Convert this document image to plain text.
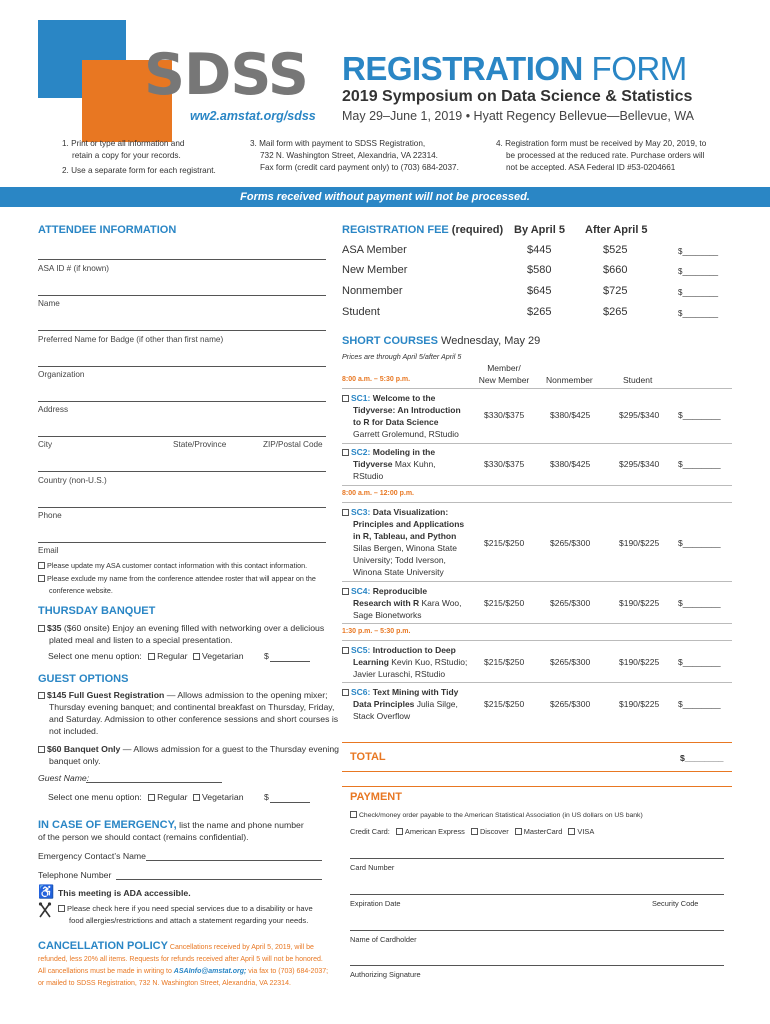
SDSS
ww2.amstat.org/sdss
REGISTRATION FORM
2019 Symposium on Data Science & Statistics
May 29–June 1, 2019 • Hyatt Regency Bellevue—Bellevue, WA
1. Print or type all information and
retain a copy for your records.
2. Use a separate form for each registrant.
3. Mail form with payment to SDSS Registration,
732 N. Washington Street, Alexandria, VA 22314.
Fax form (credit card payment only) to (703) 684-2037.
4. Registration form must be received by May 20, 2019, to
be processed at the reduced rate. Purchase orders will
not be accepted. ASA Federal ID #53-0204661
Forms received without payment will not be processed.
ATTENDEE INFORMATION
ASA ID # (if known)
Name
Preferred Name for Badge (if other than first name)
Organization
Address
City	State/Province	ZIP/Postal Code
Country (non-U.S.)
Phone
Email
Please update my ASA customer contact information with this contact information.
Please exclude my name from the conference attendee roster that will appear on the
conference website.
THURSDAY BANQUET
$35 ($60 onsite) Enjoy an evening filled with networking over a delicious
plated meal and listen to a special presentation.
Select one menu option: Regular Vegetarian $
GUEST OPTIONS
$145 Full Guest Registration — Allows admission to the opening mixer;
Thursday evening banquet; and continental breakfast on Thursday, Friday,
and Saturday. Admission to other conference sessions and short courses is
not included.
$60 Banquet Only — Allows admission for a guest to the Thursday evening
banquet only.
Guest Name:
Select one menu option: Regular Vegetarian $
IN CASE OF EMERGENCY, list the name and phone number
of the person we should contact (remains confidential).
Emergency Contact’s Name
Telephone Number
♿ This meeting is ADA accessible.
Please check here if you need special services due to a disability or have
food allergies/restrictions and attach a statement regarding your needs.
CANCELLATION POLICY Cancellations received by April 5, 2019, will be
refunded, less 20% all items. Requests for refunds received after April 5 will not be honored.
All cancellations must be made in writing to ASAInfo@amstat.org; via fax to (703) 684-2037;
or mailed to SDSS Registration, 732 N. Washington Street, Alexandria, VA 22314.
REGISTRATION FEE (required) By April 5 After April 5
ASA Member	$445	$525	$________
New Member	$580	$660	$________
Nonmember	$645	$725	$________
Student	$265	$265	$________
SHORT COURSES Wednesday, May 29
Prices are through April 5/after April 5
8:00 a.m. – 5:30 p.m.
Member/
New Member	Nonmember	Student
SC1: Welcome to the
Tidyverse: An Introduction
to R for Data Science
Garrett Grolemund, RStudio
$330/$375	$380/$425	$295/$340 $________
SC2: Modeling in the
Tidyverse Max Kuhn,
RStudio
$330/$375	$380/$425	$295/$340 $________
8:00 a.m. – 12:00 p.m.
SC3: Data Visualization:
Principles and Applications
in R, Tableau, and Python
Silas Bergen, Winona State
University; Todd Iverson,
Winona State University
$215/$250	$265/$300	$190/$225 $________
SC4: Reproducible
Research with R Kara Woo,
Sage Bionetworks
$215/$250	$265/$300	$190/$225 $________
1:30 p.m. – 5:30 p.m.
SC5: Introduction to Deep
Learning Kevin Kuo, RStudio;
Javier Luraschi, RStudio
$215/$250	$265/$300	$190/$225 $________
SC6: Text Mining with Tidy
Data Principles Julia Silge,
Stack Overflow
$215/$250	$265/$300	$190/$225 $________
TOTAL	$________
PAYMENT
Check/money order payable to the American Statistical Association (in US dollars on US bank)
Credit Card: American Express Discover MasterCard VISA
Card Number
Expiration Date	Security Code
Name of Cardholder
Authorizing Signature
